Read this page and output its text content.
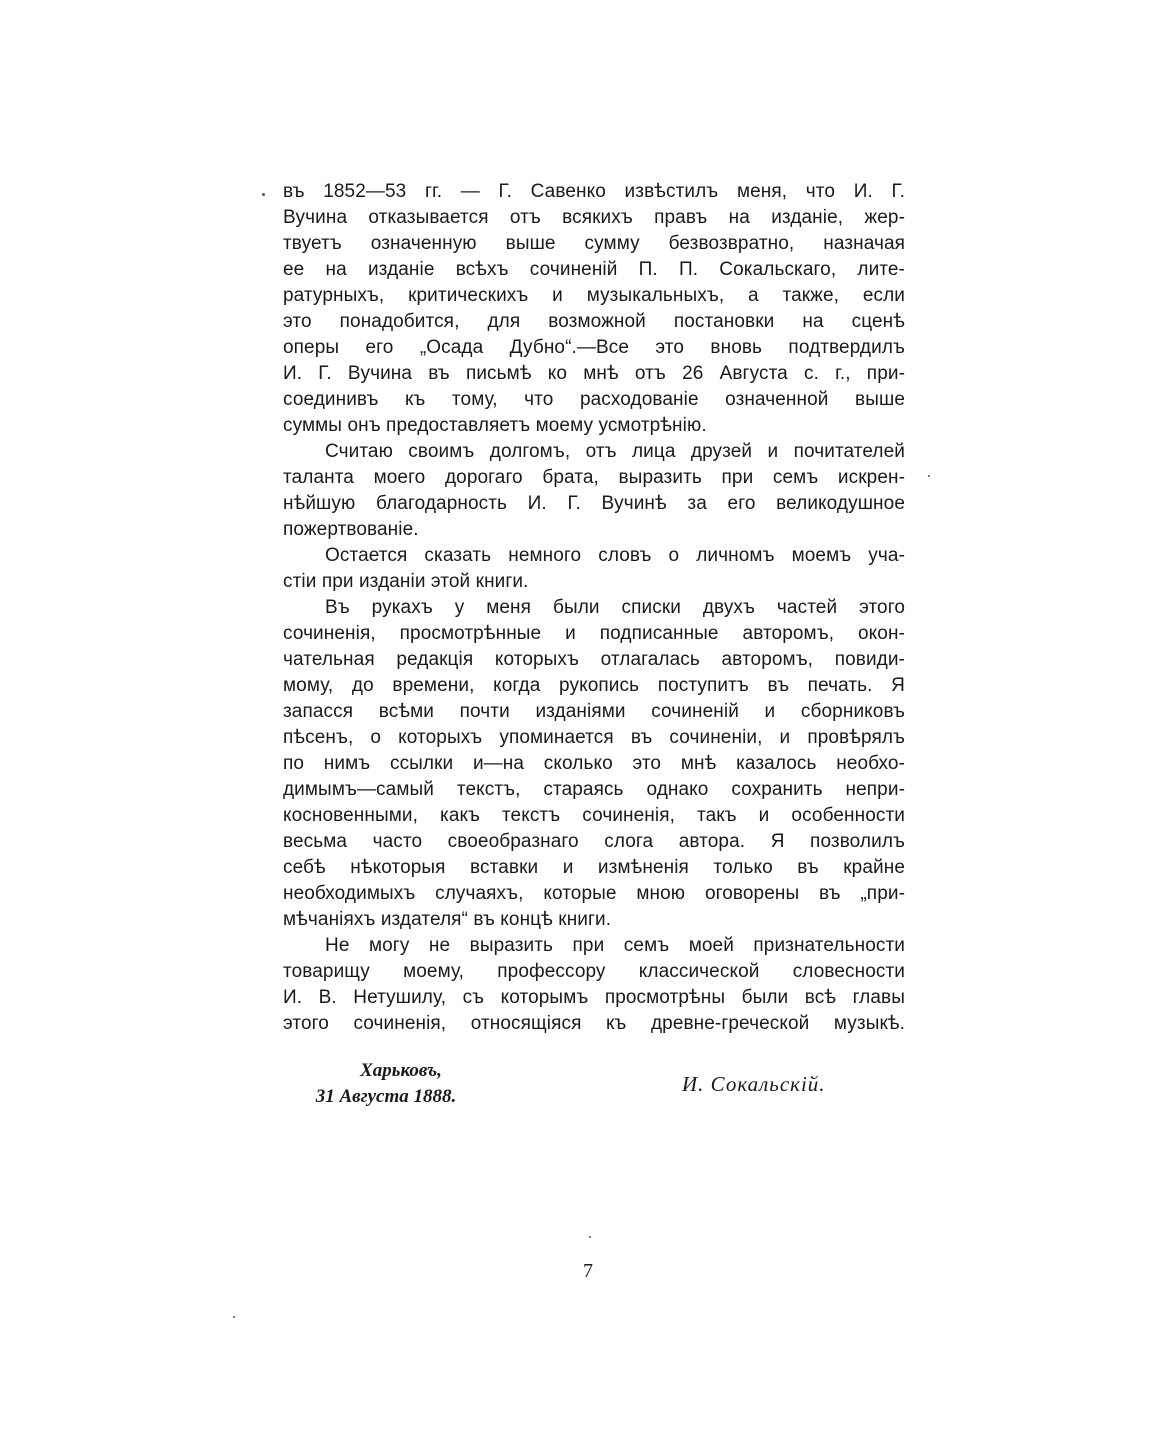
въ 1852—53 гг. — Г. Савенко извѣстилъ меня, что И. Г.
Вучина отказывается отъ всякихъ правъ на изданіе, жер-
твуетъ означенную выше сумму безвозвратно, назначая
ее на изданіе всѣхъ сочиненій П. П. Сокальскаго, лите-
ратурныхъ, критическихъ и музыкальныхъ, а также, если
это понадобится, для возможной постановки на сценѣ
оперы его „Осада Дубно“.—Все это вновь подтвердилъ
И. Г. Вучина въ письмѣ ко мнѣ отъ 26 Августа с. г., при-
соединивъ къ тому, что расходованіе означенной выше
суммы онъ предоставляетъ моему усмотрѣнію.
Считаю своимъ долгомъ, отъ лица друзей и почитателей
таланта моего дорогаго брата, выразить при семъ искрен-
нѣйшую благодарность И. Г. Вучинѣ за его великодушное
пожертвованіе.
Остается сказать немного словъ о личномъ моемъ уча-
стіи при изданіи этой книги.
Въ рукахъ у меня были списки двухъ частей этого
сочиненія, просмотрѣнные и подписанные авторомъ, окон-
чательная редакція которыхъ отлагалась авторомъ, повиди-
мому, до времени, когда рукопись поступитъ въ печать. Я
запасся всѣми почти изданіями сочиненій и сборниковъ
пѣсенъ, о которыхъ упоминается въ сочиненіи, и провѣрялъ
по нимъ ссылки и—на сколько это мнѣ казалось необхо-
димымъ—самый текстъ, стараясь однако сохранить непри-
косновенными, какъ текстъ сочиненія, такъ и особенности
весьма часто своеобразнаго слога автора. Я позволилъ
себѣ нѣкоторыя вставки и измѣненія только въ крайне
необходимыхъ случаяхъ, которые мною оговорены въ „при-
мѣчаніяхъ издателя“ въ концѣ книги.
Не могу не выразить при семъ моей признательности
товарищу моему, профессору классической словесности
И. В. Нетушилу, съ которымъ просмотрѣны были всѣ главы
этого сочиненія, относящіяся къ древне-греческой музыкѣ.
Харьковъ,
31 Августа 1888.
И. Сокальскій.
7
